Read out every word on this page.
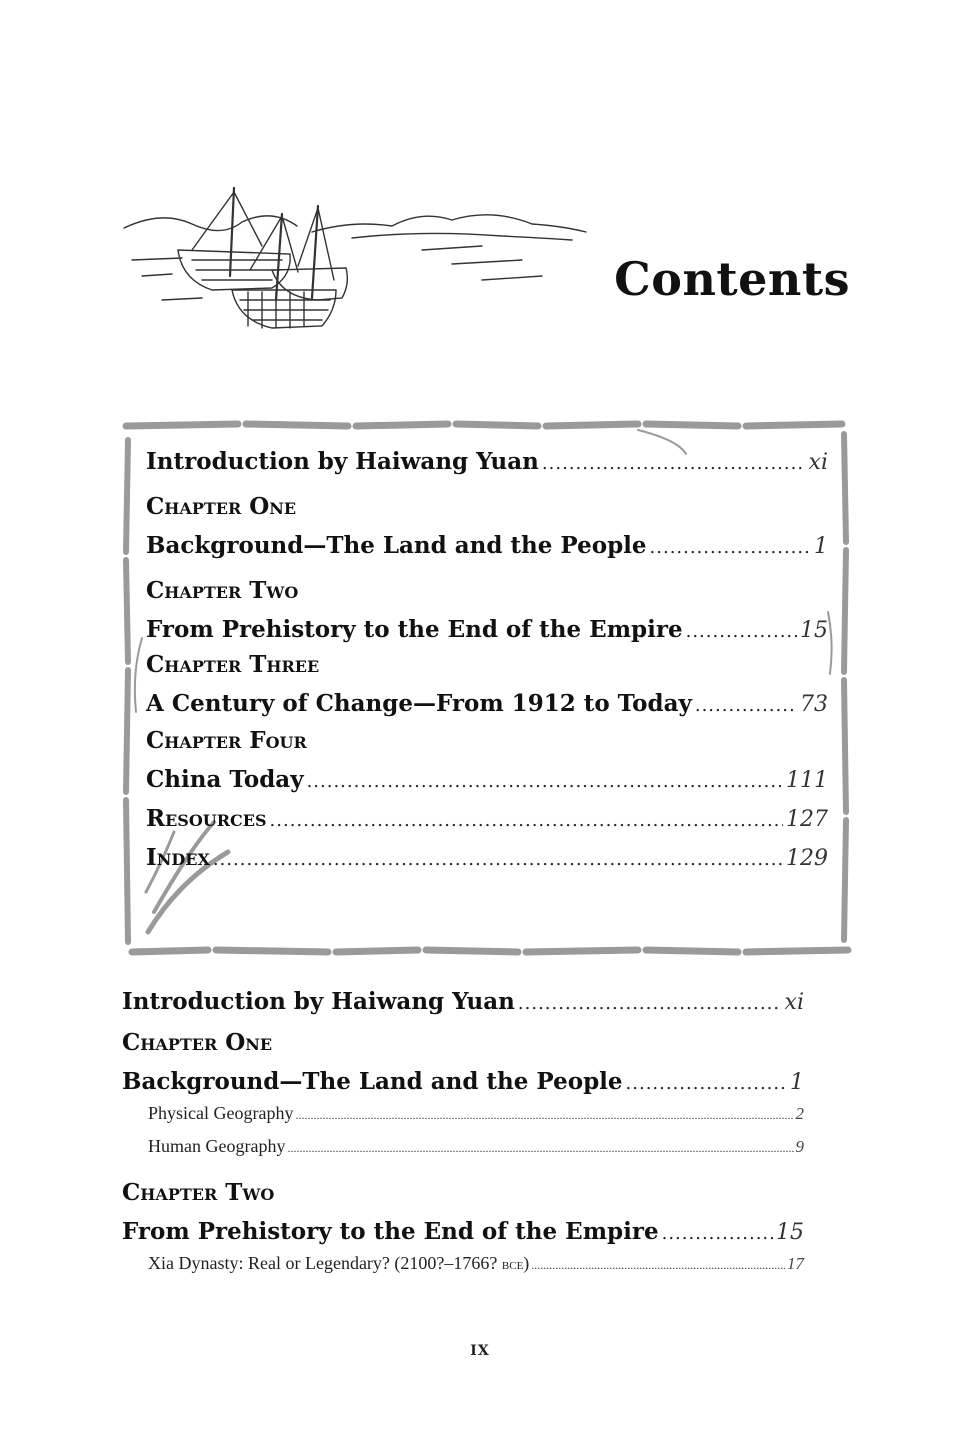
Contents
Introduction by Haiwang Yuan .....	xi
Chapter One
Background—The Land and the People .....	1
Chapter Two
From Prehistory to the End of the Empire .....	15
Chapter Three
A Century of Change—From 1912 to Today .....	73
Chapter Four
China Today .....	111
Resources .....	127
Index .....	129
Introduction by Haiwang Yuan .....	xi
Chapter One
Background—The Land and the People .....	1
Physical Geography .....	2
Human Geography .....	9
Chapter Two
From Prehistory to the End of the Empire .....	15
Xia Dynasty: Real or Legendary? (2100?–1766? bce) .....	17
ix
